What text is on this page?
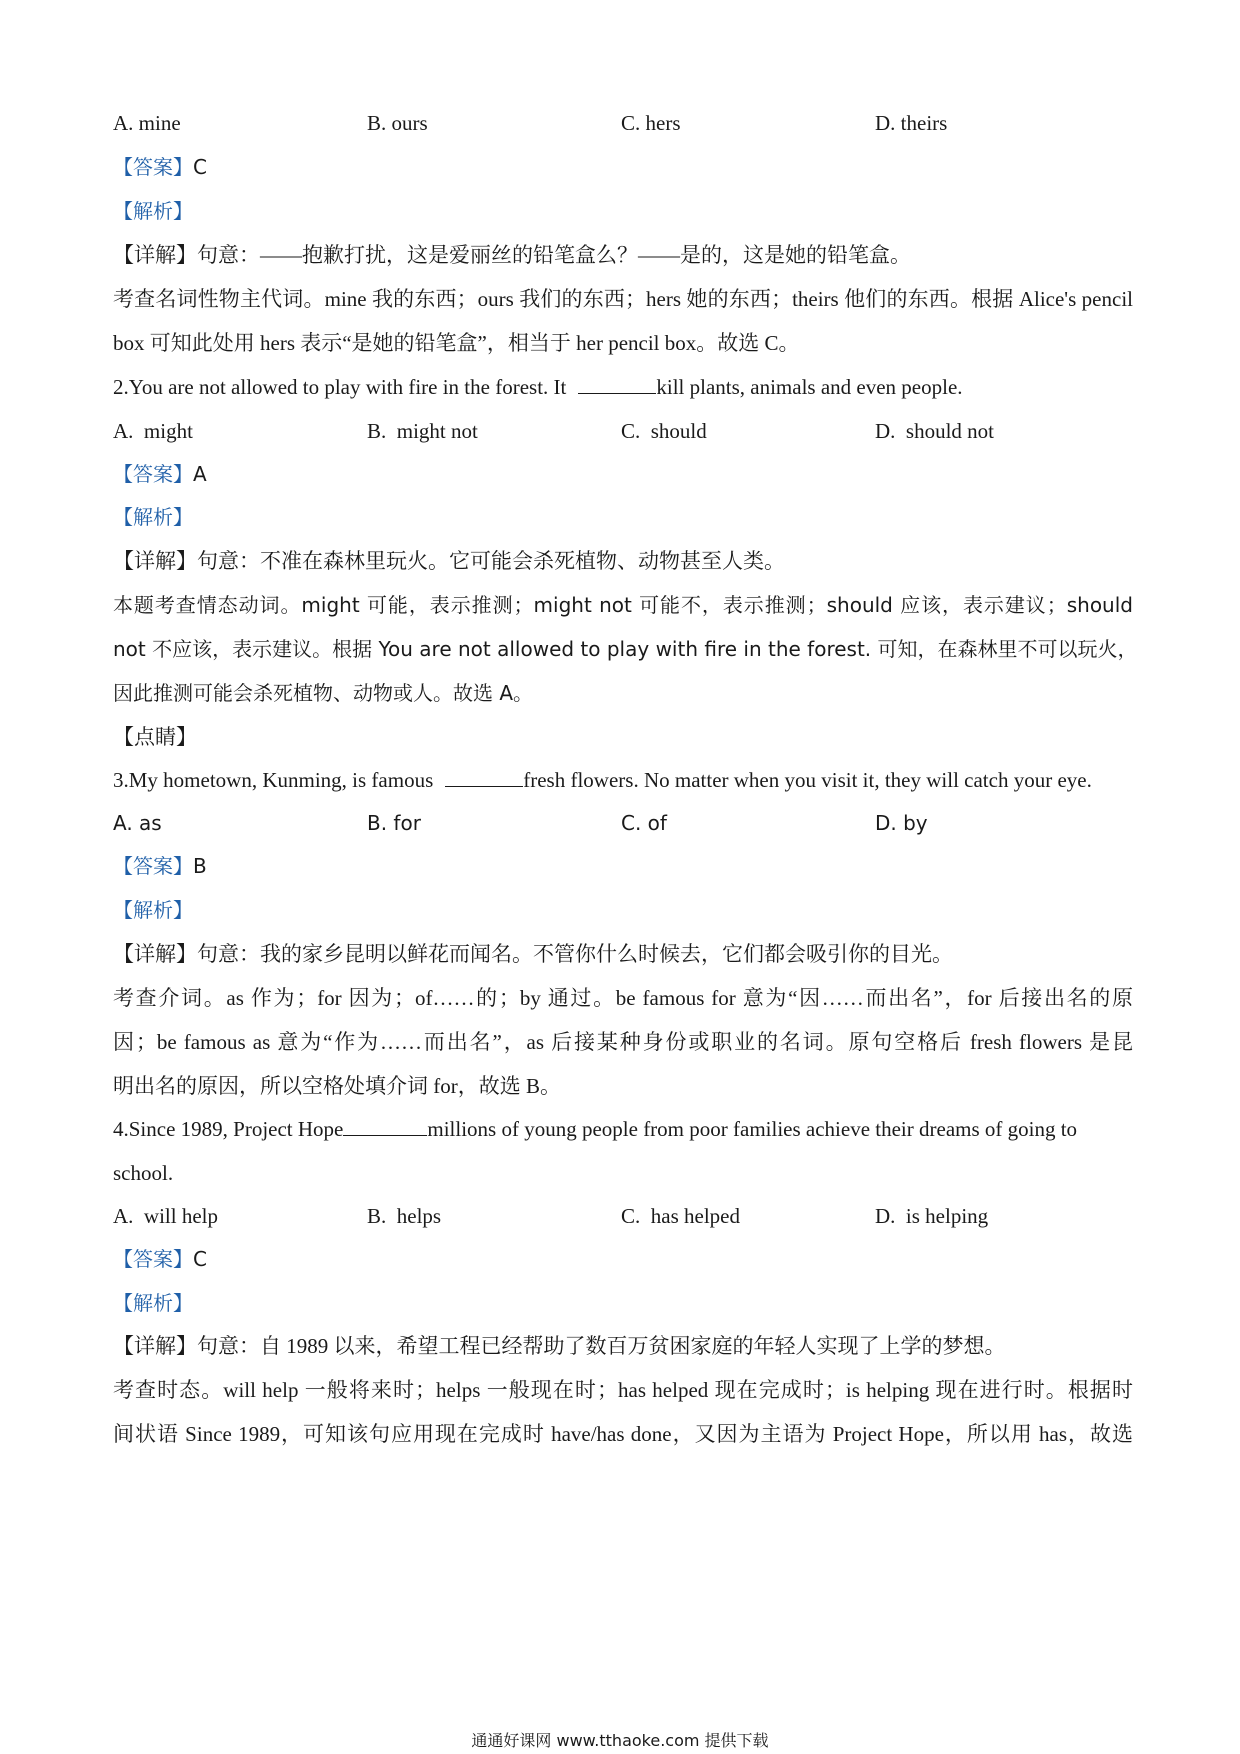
A. mine	B. ours	C. hers	D. theirs
【答案】C
【解析】
【详解】句意：——抱歉打扰，这是爱丽丝的铅笔盒么？——是的，这是她的铅笔盒。
考查名词性物主代词。mine 我的东西；ours 我们的东西；hers 她的东西；theirs 他们的东西。根据 Alice's pencil
box 可知此处用 hers 表示“是她的铅笔盒”，相当于 her pencil box。故选 C。
2.You are not allowed to play with fire in the forest. It	kill plants, animals and even people.
A. might	B. might not	C. should	D. should not
【答案】A
【解析】
【详解】句意：不准在森林里玩火。它可能会杀死植物、动物甚至人类。
本题考查情态动词。might 可能，表示推测；might not 可能不，表示推测；should 应该，表示建议；should
not 不应该，表示建议。根据 You are not allowed to play with fire in the forest. 可知，在森林里不可以玩火，
因此推测可能会杀死植物、动物或人。故选 A。
【点睛】
3.My hometown, Kunming, is famous	fresh flowers. No matter when you visit it, they will catch your eye.
A. as	B. for	C. of	D. by
【答案】B
【解析】
【详解】句意：我的家乡昆明以鲜花而闻名。不管你什么时候去，它们都会吸引你的目光。
考查介词。as 作为；for 因为；of……的；by 通过。be famous for 意为“因……而出名”，for 后接出名的原
因；be famous as 意为“作为……而出名”，as 后接某种身份或职业的名词。原句空格后 fresh flowers 是昆
明出名的原因，所以空格处填介词 for，故选 B。
4.Since 1989, Project Hope	millions of young people from poor families achieve their dreams of going to
school.
A. will help	B. helps	C. has helped	D. is helping
【答案】C
【解析】
【详解】句意：自 1989 以来，希望工程已经帮助了数百万贫困家庭的年轻人实现了上学的梦想。
考查时态。will help 一般将来时；helps 一般现在时；has helped 现在完成时；is helping 现在进行时。根据时
间状语 Since 1989，可知该句应用现在完成时 have/has done，又因为主语为 Project Hope，所以用 has，故选
通通好课网 www.tthaoke.com 提供下载
